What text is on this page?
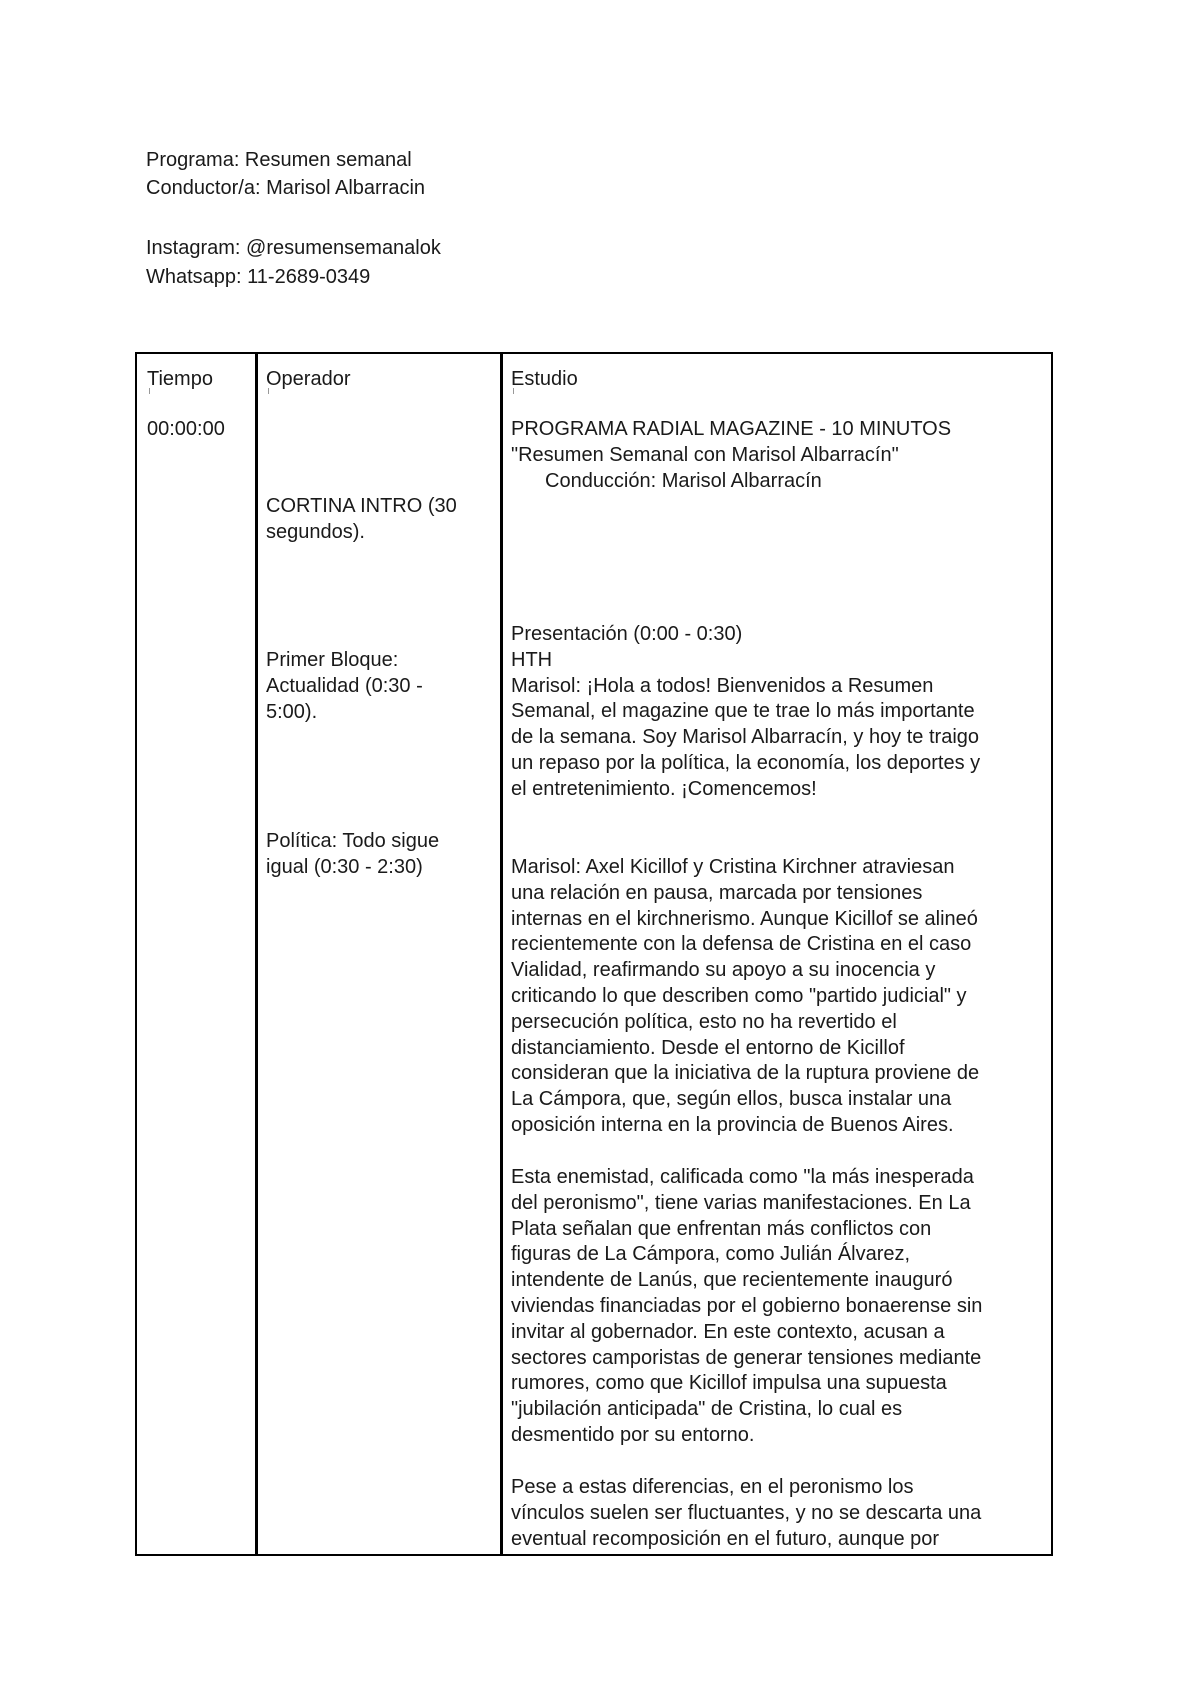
Programa: Resumen semanal
Conductor/a: Marisol Albarracin
Instagram: @resumensemanalok
Whatsapp: 11-2689-0349
Tiempo	Operador	Estudio
00:00:00
CORTINA INTRO (30
segundos).
Primer Bloque:
Actualidad (0:30 -
5:00).
Política: Todo sigue
igual (0:30 - 2:30)
PROGRAMA RADIAL MAGAZINE - 10 MINUTOS
"Resumen Semanal con Marisol Albarracín"
Conducción: Marisol Albarracín
Presentación (0:00 - 0:30)
HTH
Marisol: ¡Hola a todos! Bienvenidos a Resumen
Semanal, el magazine que te trae lo más importante
de la semana. Soy Marisol Albarracín, y hoy te traigo
un repaso por la política, la economía, los deportes y
el entretenimiento. ¡Comencemos!
Marisol: Axel Kicillof y Cristina Kirchner atraviesan
una relación en pausa, marcada por tensiones
internas en el kirchnerismo. Aunque Kicillof se alineó
recientemente con la defensa de Cristina en el caso
Vialidad, reafirmando su apoyo a su inocencia y
criticando lo que describen como "partido judicial" y
persecución política, esto no ha revertido el
distanciamiento. Desde el entorno de Kicillof
consideran que la iniciativa de la ruptura proviene de
La Cámpora, que, según ellos, busca instalar una
oposición interna en la provincia de Buenos Aires.
Esta enemistad, calificada como "la más inesperada
del peronismo", tiene varias manifestaciones. En La
Plata señalan que enfrentan más conflictos con
figuras de La Cámpora, como Julián Álvarez,
intendente de Lanús, que recientemente inauguró
viviendas financiadas por el gobierno bonaerense sin
invitar al gobernador. En este contexto, acusan a
sectores camporistas de generar tensiones mediante
rumores, como que Kicillof impulsa una supuesta
"jubilación anticipada" de Cristina, lo cual es
desmentido por su entorno.
Pese a estas diferencias, en el peronismo los
vínculos suelen ser fluctuantes, y no se descarta una
eventual recomposición en el futuro, aunque por
